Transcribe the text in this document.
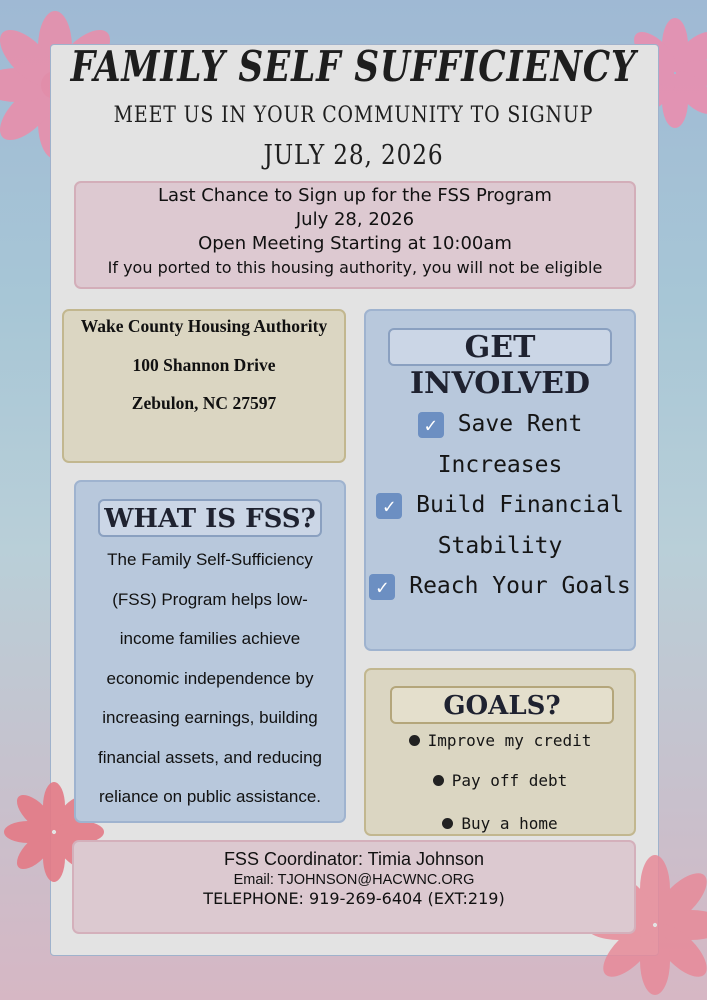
FAMILY SELF SUFFICIENCY
MEET US IN YOUR COMMUNITY TO SIGNUP
JULY 28, 2026
Last Chance to Sign up for the FSS Program
July 28, 2026
Open Meeting Starting at 10:00am
If you ported to this housing authority, you will not be eligible
Wake County Housing Authority
100 Shannon Drive
Zebulon, NC 27597
GET INVOLVED
✓ Save Rent
Increases
✓ Build Financial
Stability
✓ Reach Your Goals
WHAT IS FSS?
The Family Self-Sufficiency
(FSS) Program helps low-
income families achieve
economic independence by
increasing earnings, building
financial assets, and reducing
reliance on public assistance.
GOALS?
Improve my credit
Pay off debt
Buy a home
FSS Coordinator: Timia Johnson
Email: TJOHNSON@HACWNC.ORG
TELEPHONE: 919-269-6404 (EXT:219)
